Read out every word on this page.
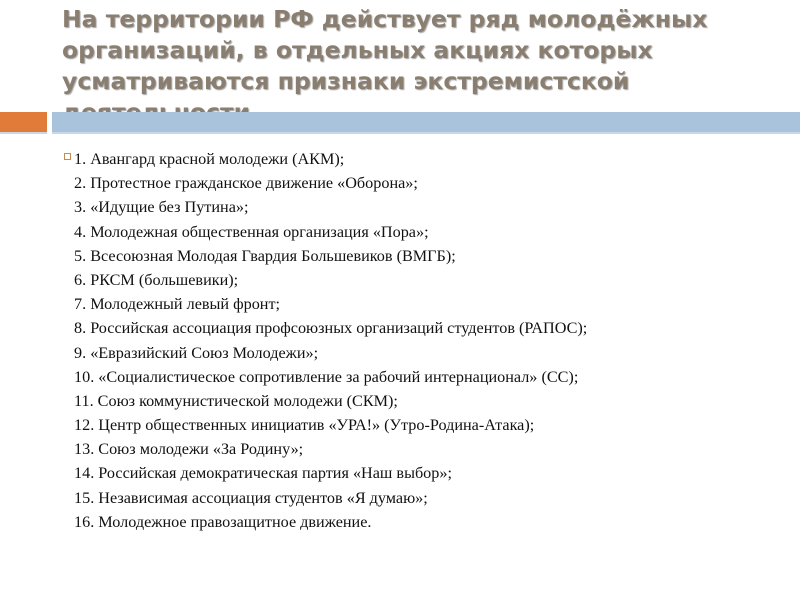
На территории РФ действует ряд молодёжных организаций, в отдельных акциях которых усматриваются признаки экстремистской
1. Авангард красной молодежи (АКМ);
2. Протестное гражданское движение «Оборона»;
3. «Идущие без Путина»;
4. Молодежная общественная организация «Пора»;
5. Всесоюзная Молодая Гвардия Большевиков (ВМГБ);
6. РКСМ (большевики);
7. Молодежный левый фронт;
8. Российская ассоциация профсоюзных организаций студентов (РАПОС);
9. «Евразийский Союз Молодежи»;
10. «Социалистическое сопротивление за рабочий интернационал» (СС);
11. Союз коммунистической молодежи (СКМ);
12. Центр общественных инициатив «УРА!» (Утро-Родина-Атака);
13. Союз молодежи «За Родину»;
14. Российская демократическая партия «Наш выбор»;
15. Независимая ассоциация студентов «Я думаю»;
16. Молодежное правозащитное движение.
